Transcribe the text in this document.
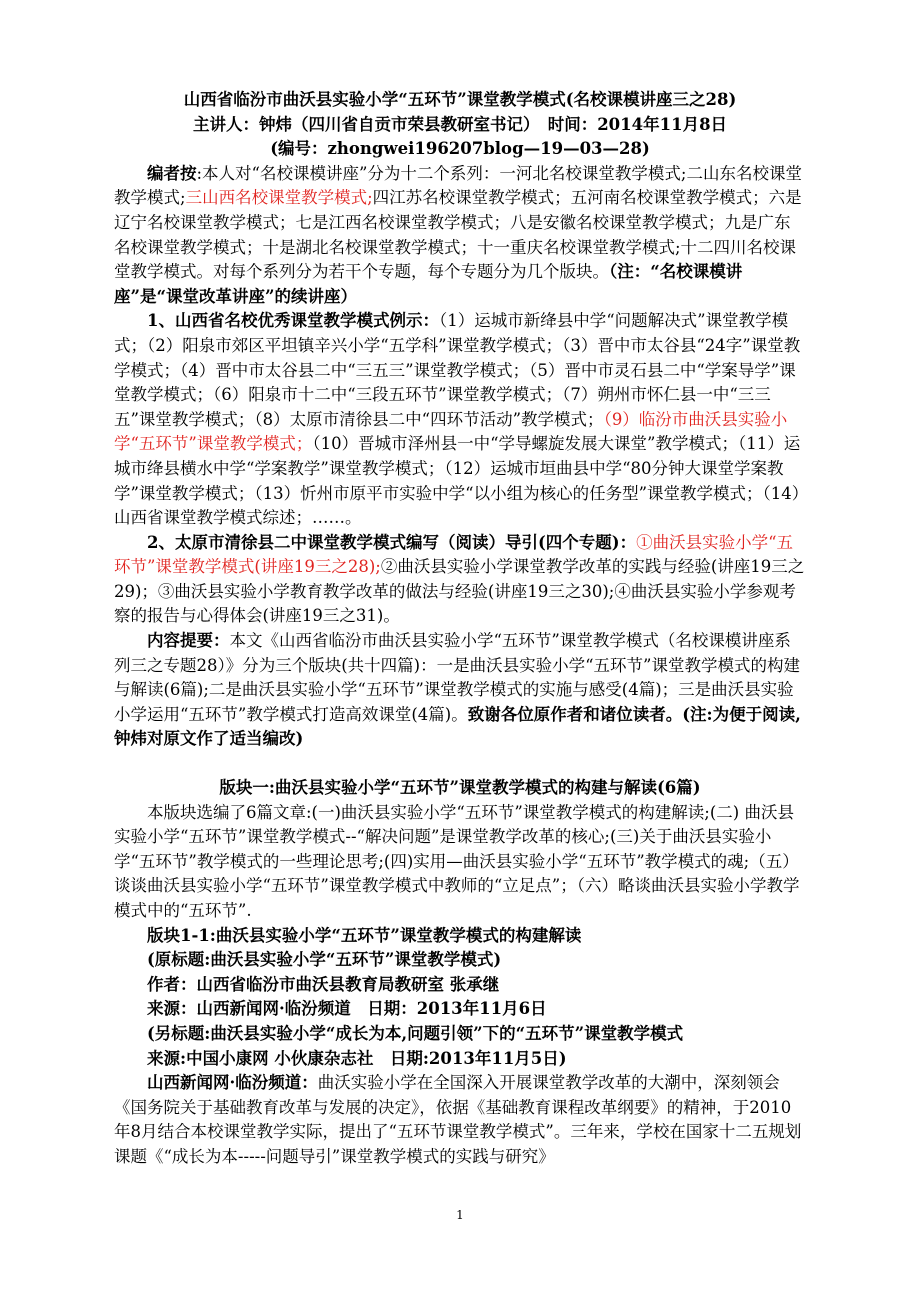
山西省临汾市曲沃县实验小学“五环节”课堂教学模式(名校课模讲座三之28)

主讲人：钟炜（四川省自贡市荣县教研室书记）　时间：2014年11月8日

(编号：zhongwei196207blog—19—03—28)

编者按:本人对“名校课模讲座”分为十二个系列：一河北名校课堂教学模式;二山东名校课堂教学模式;三山西名校课堂教学模式;四江苏名校课堂教学模式；五河南名校课堂教学模式；六是辽宁名校课堂教学模式；七是江西名校课堂教学模式；八是安徽名校课堂教学模式；九是广东名校课堂教学模式；十是湖北名校课堂教学模式；十一重庆名校课堂教学模式;十二四川名校课堂教学模式。对每个系列分为若干个专题，每个专题分为几个版块。（注：“名校课模讲座”是“课堂改革讲座”的续讲座）

1、山西省名校优秀课堂教学模式例示：（1）运城市新绛县中学“问题解决式”课堂教学模式；（2）阳泉市郊区平坦镇辛兴小学“五学科”课堂教学模式；（3）晋中市太谷县“24字”课堂教学模式；（4）晋中市太谷县二中“三五三”课堂教学模式；（5）晋中市灵石县二中“学案导学”课堂教学模式；（6）阳泉市十二中“三段五环节”课堂教学模式；（7）朔州市怀仁县一中“三三五”课堂教学模式；（8）太原市清徐县二中“四环节活动”教学模式；（9）临汾市曲沃县实验小学“五环节”课堂教学模式；（10）晋城市泽州县一中“学导螺旋发展大课堂”教学模式；（11）运城市绛县横水中学“学案教学”课堂教学模式；（12）运城市垣曲县中学“80分钟大课堂学案教学”课堂教学模式；（13）忻州市原平市实验中学“以小组为核心的任务型”课堂教学模式；（14）山西省课堂教学模式综述；……。

2、太原市清徐县二中课堂教学模式编写（阅读）导引(四个专题)：①曲沃县实验小学“五环节”课堂教学模式(讲座19三之28);②曲沃县实验小学课堂教学改革的实践与经验(讲座19三之29)；③曲沃县实验小学教育教学改革的做法与经验(讲座19三之30);④曲沃县实验小学参观考察的报告与心得体会(讲座19三之31)。

内容提要：本文《山西省临汾市曲沃县实验小学“五环节”课堂教学模式（名校课模讲座系列三之专题28）》分为三个版块(共十四篇)：一是曲沃县实验小学“五环节”课堂教学模式的构建与解读(6篇);二是曲沃县实验小学“五环节”课堂教学模式的实施与感受(4篇)；三是曲沃县实验小学运用“五环节”教学模式打造高效课堂(4篇)。致谢各位原作者和诸位读者。(注:为便于阅读,钟炜对原文作了适当编改)

版块一:曲沃县实验小学“五环节”课堂教学模式的构建与解读(6篇)

本版块选编了6篇文章:(一)曲沃县实验小学“五环节”课堂教学模式的构建解读;(二) 曲沃县实验小学“五环节”课堂教学模式--“解决问题”是课堂教学改革的核心;(三)关于曲沃县实验小学“五环节”教学模式的一些理论思考;(四)实用—曲沃县实验小学“五环节”教学模式的魂;（五）谈谈曲沃县实验小学“五环节”课堂教学模式中教师的“立足点”；（六）略谈曲沃县实验小学教学模式中的“五环节”.

版块1-1:曲沃县实验小学“五环节”课堂教学模式的构建解读

(原标题:曲沃县实验小学“五环节”课堂教学模式)

作者：山西省临汾市曲沃县教育局教研室 张承继

来源：山西新闻网·临汾频道　日期：2013年11月6日

(另标题:曲沃县实验小学“成长为本,问题引领”下的“五环节”课堂教学模式

来源:中国小康网 小伙康杂志社　日期:2013年11月5日)

山西新闻网·临汾频道：曲沃实验小学在全国深入开展课堂教学改革的大潮中，深刻领会《国务院关于基础教育改革与发展的决定》，依据《基础教育课程改革纲要》的精神，于2010年8月结合本校课堂教学实际，提出了“五环节课堂教学模式”。三年来，学校在国家十二五规划课题《“成长为本-----问题导引”课堂教学模式的实践与研究》

1
